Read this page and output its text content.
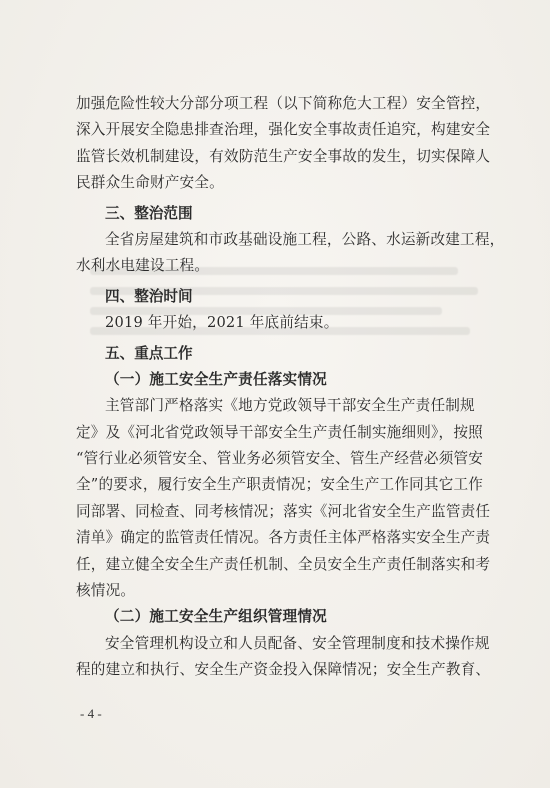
加强危险性较大分部分项工程（以下简称危大工程）安全管控，
深入开展安全隐患排查治理，强化安全事故责任追究，构建安全
监管长效机制建设，有效防范生产安全事故的发生，切实保障人
民群众生命财产安全。
三、整治范围
全省房屋建筑和市政基础设施工程，公路、水运新改建工程，
水利水电建设工程。
四、整治时间
2019 年开始，2021 年底前结束。
五、重点工作
（一）施工安全生产责任落实情况
主管部门严格落实《地方党政领导干部安全生产责任制规
定》及《河北省党政领导干部安全生产责任制实施细则》，按照
“管行业必须管安全、管业务必须管安全、管生产经营必须管安
全”的要求，履行安全生产职责情况；安全生产工作同其它工作
同部署、同检查、同考核情况；落实《河北省安全生产监管责任
清单》确定的监管责任情况。各方责任主体严格落实安全生产责
任，建立健全安全生产责任机制、全员安全生产责任制落实和考
核情况。
（二）施工安全生产组织管理情况
安全管理机构设立和人员配备、安全管理制度和技术操作规
程的建立和执行、安全生产资金投入保障情况；安全生产教育、
- 4 -
